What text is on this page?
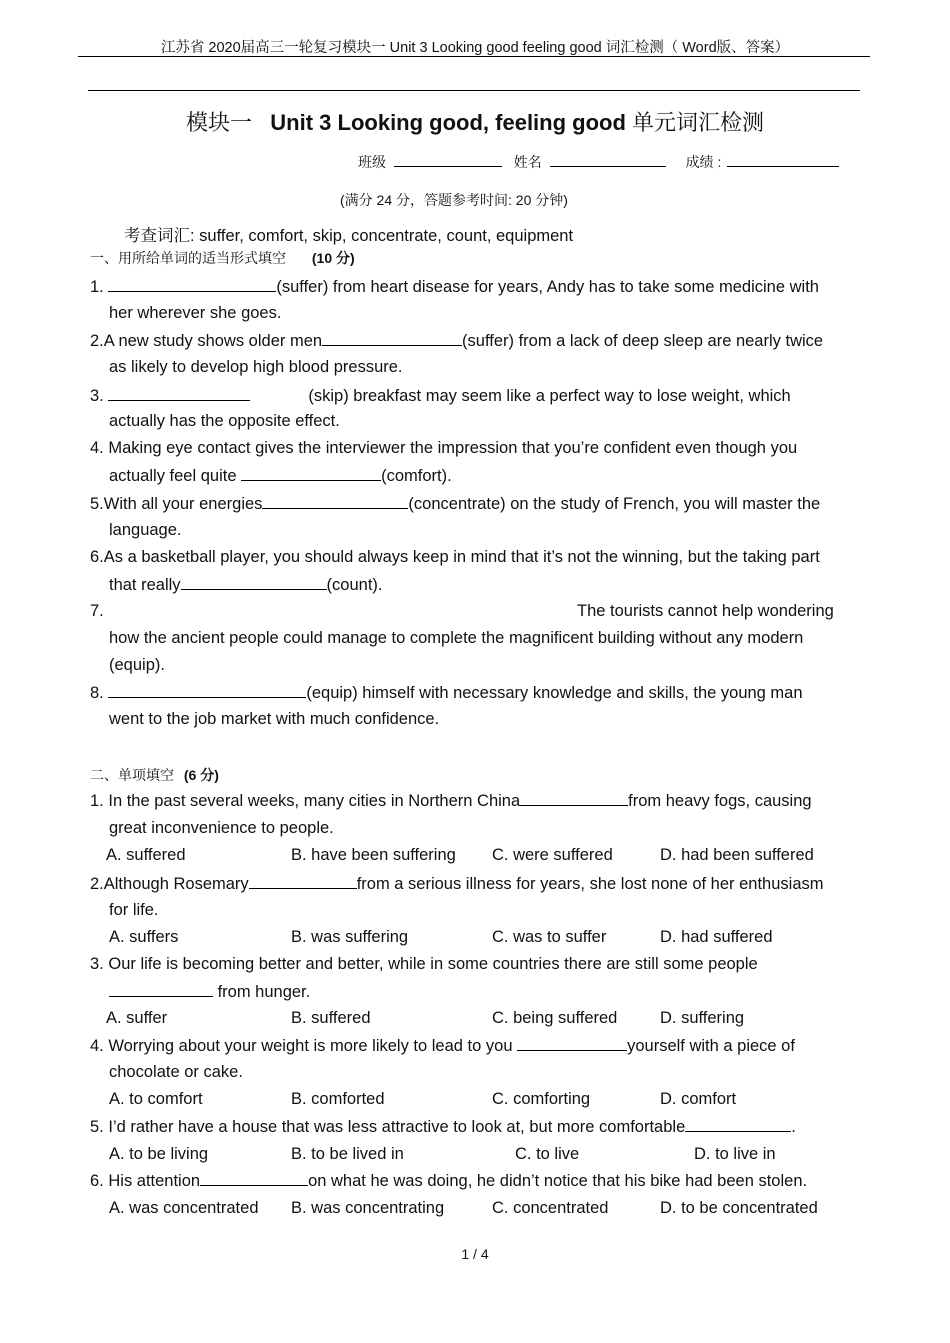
江苏省 2020届高三一轮复习模块一 Unit 3 Looking good feeling good 词汇检测（ Word版、答案）
模块一 Unit 3 Looking good, feeling good 单元词汇检测
班级	姓名	成绩 :
(满分 24 分，答题参考时间: 20 分钟)
考查词汇: suffer, comfort, skip, concentrate, count, equipment
一、用所给单词的适当形式填空 (10 分)
1.	(suffer) from heart disease for years, Andy has to take some medicine with
her wherever she goes.
2.A new study shows older men	(suffer) from a lack of deep sleep are nearly twice
as likely to develop high blood pressure.
3.	(skip) breakfast may seem like a perfect way to lose weight, which
actually has the opposite effect.
4. Making eye contact gives the interviewer the impression that you’re confident even though you
actually feel quite	(comfort).
5.With all your energies	(concentrate) on the study of French, you will master the
language.
6.As a basketball player, you should always keep in mind that it’s not the winning, but the taking part
that really	(count).
7.	The tourists cannot help wondering
how the ancient people could manage to complete the magnificent building without any modern
(equip).
8.	(equip) himself with necessary knowledge and skills, the young man
went to the job market with much confidence.
二、单项填空 (6 分)
1. In the past several weeks, many cities in Northern China	from heavy fogs, causing
great inconvenience to people.
A. suffered	B. have been suffering C. were suffered	D. had been suffered
2.Although Rosemary	from a serious illness for years, she lost none of her enthusiasm
for life.
A. suffers	B. was suffering	C. was to suffer	D. had suffered
3. Our life is becoming better and better, while in some countries there are still some people
from hunger.
A. suffer	B. suffered	C. being suffered	D. suffering
4. Worrying about your weight is more likely to lead to you	yourself with a piece of
chocolate or cake.
A. to comfort	B. comforted	C. comforting	D. comfort
5. I’d rather have a house that was less attractive to look at, but more comfortable	.
A. to be living	B. to be lived in	C. to live	D. to live in
6. His attention	on what he was doing, he didn’t notice that his bike had been stolen.
A. was concentrated B. was concentrating	C. concentrated	D. to be concentrated
1 / 4
